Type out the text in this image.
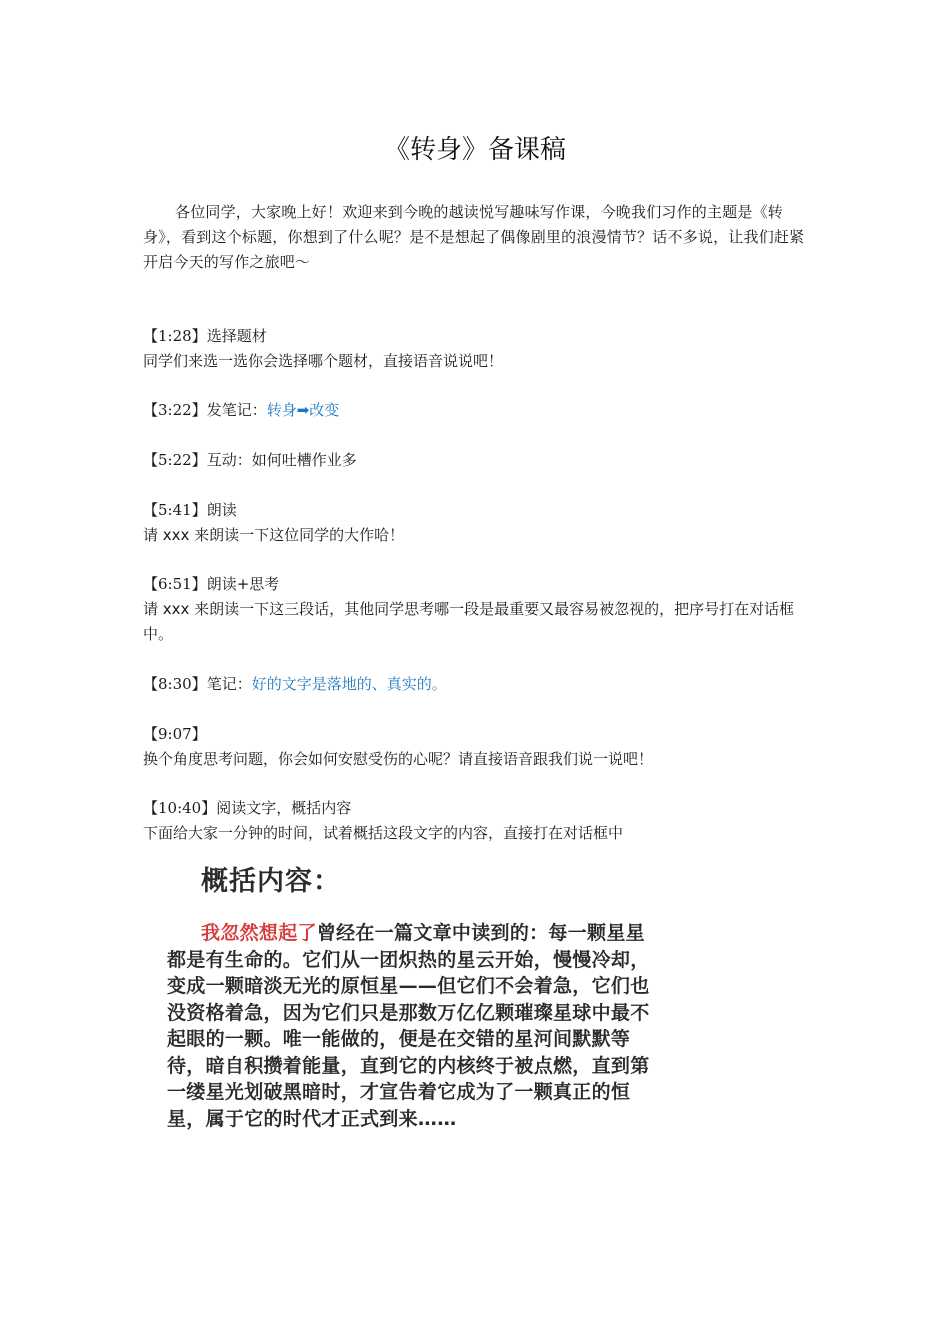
《转身》备课稿

各位同学，大家晚上好！欢迎来到今晚的越读悦写趣味写作课，今晚我们习作的主题是《转身》，看到这个标题，你想到了什么呢？是不是想起了偶像剧里的浪漫情节？话不多说，让我们赶紧开启今天的写作之旅吧～

【1:28】选择题材

同学们来选一选你会选择哪个题材，直接语音说说吧！

【3:22】发笔记：转身➡改变

【5:22】互动：如何吐槽作业多

【5:41】朗读

请 xxx 来朗读一下这位同学的大作哈！

【6:51】朗读+思考

请 xxx 来朗读一下这三段话，其他同学思考哪一段是最重要又最容易被忽视的，把序号打在对话框中。

【8:30】笔记：好的文字是落地的、真实的。

【9:07】

换个角度思考问题，你会如何安慰受伤的心呢？请直接语音跟我们说一说吧！

【10:40】阅读文字，概括内容

下面给大家一分钟的时间，试着概括这段文字的内容，直接打在对话框中

概括内容：

我忽然想起了曾经在一篇文章中读到的：每一颗星星都是有生命的。它们从一团炽热的星云开始，慢慢冷却，变成一颗暗淡无光的原恒星——但它们不会着急，它们也没资格着急，因为它们只是那数万亿亿颗璀璨星球中最不起眼的一颗。唯一能做的，便是在交错的星河间默默等待，暗自积攒着能量，直到它的内核终于被点燃，直到第一缕星光划破黑暗时，才宣告着它成为了一颗真正的恒星，属于它的时代才正式到来……
